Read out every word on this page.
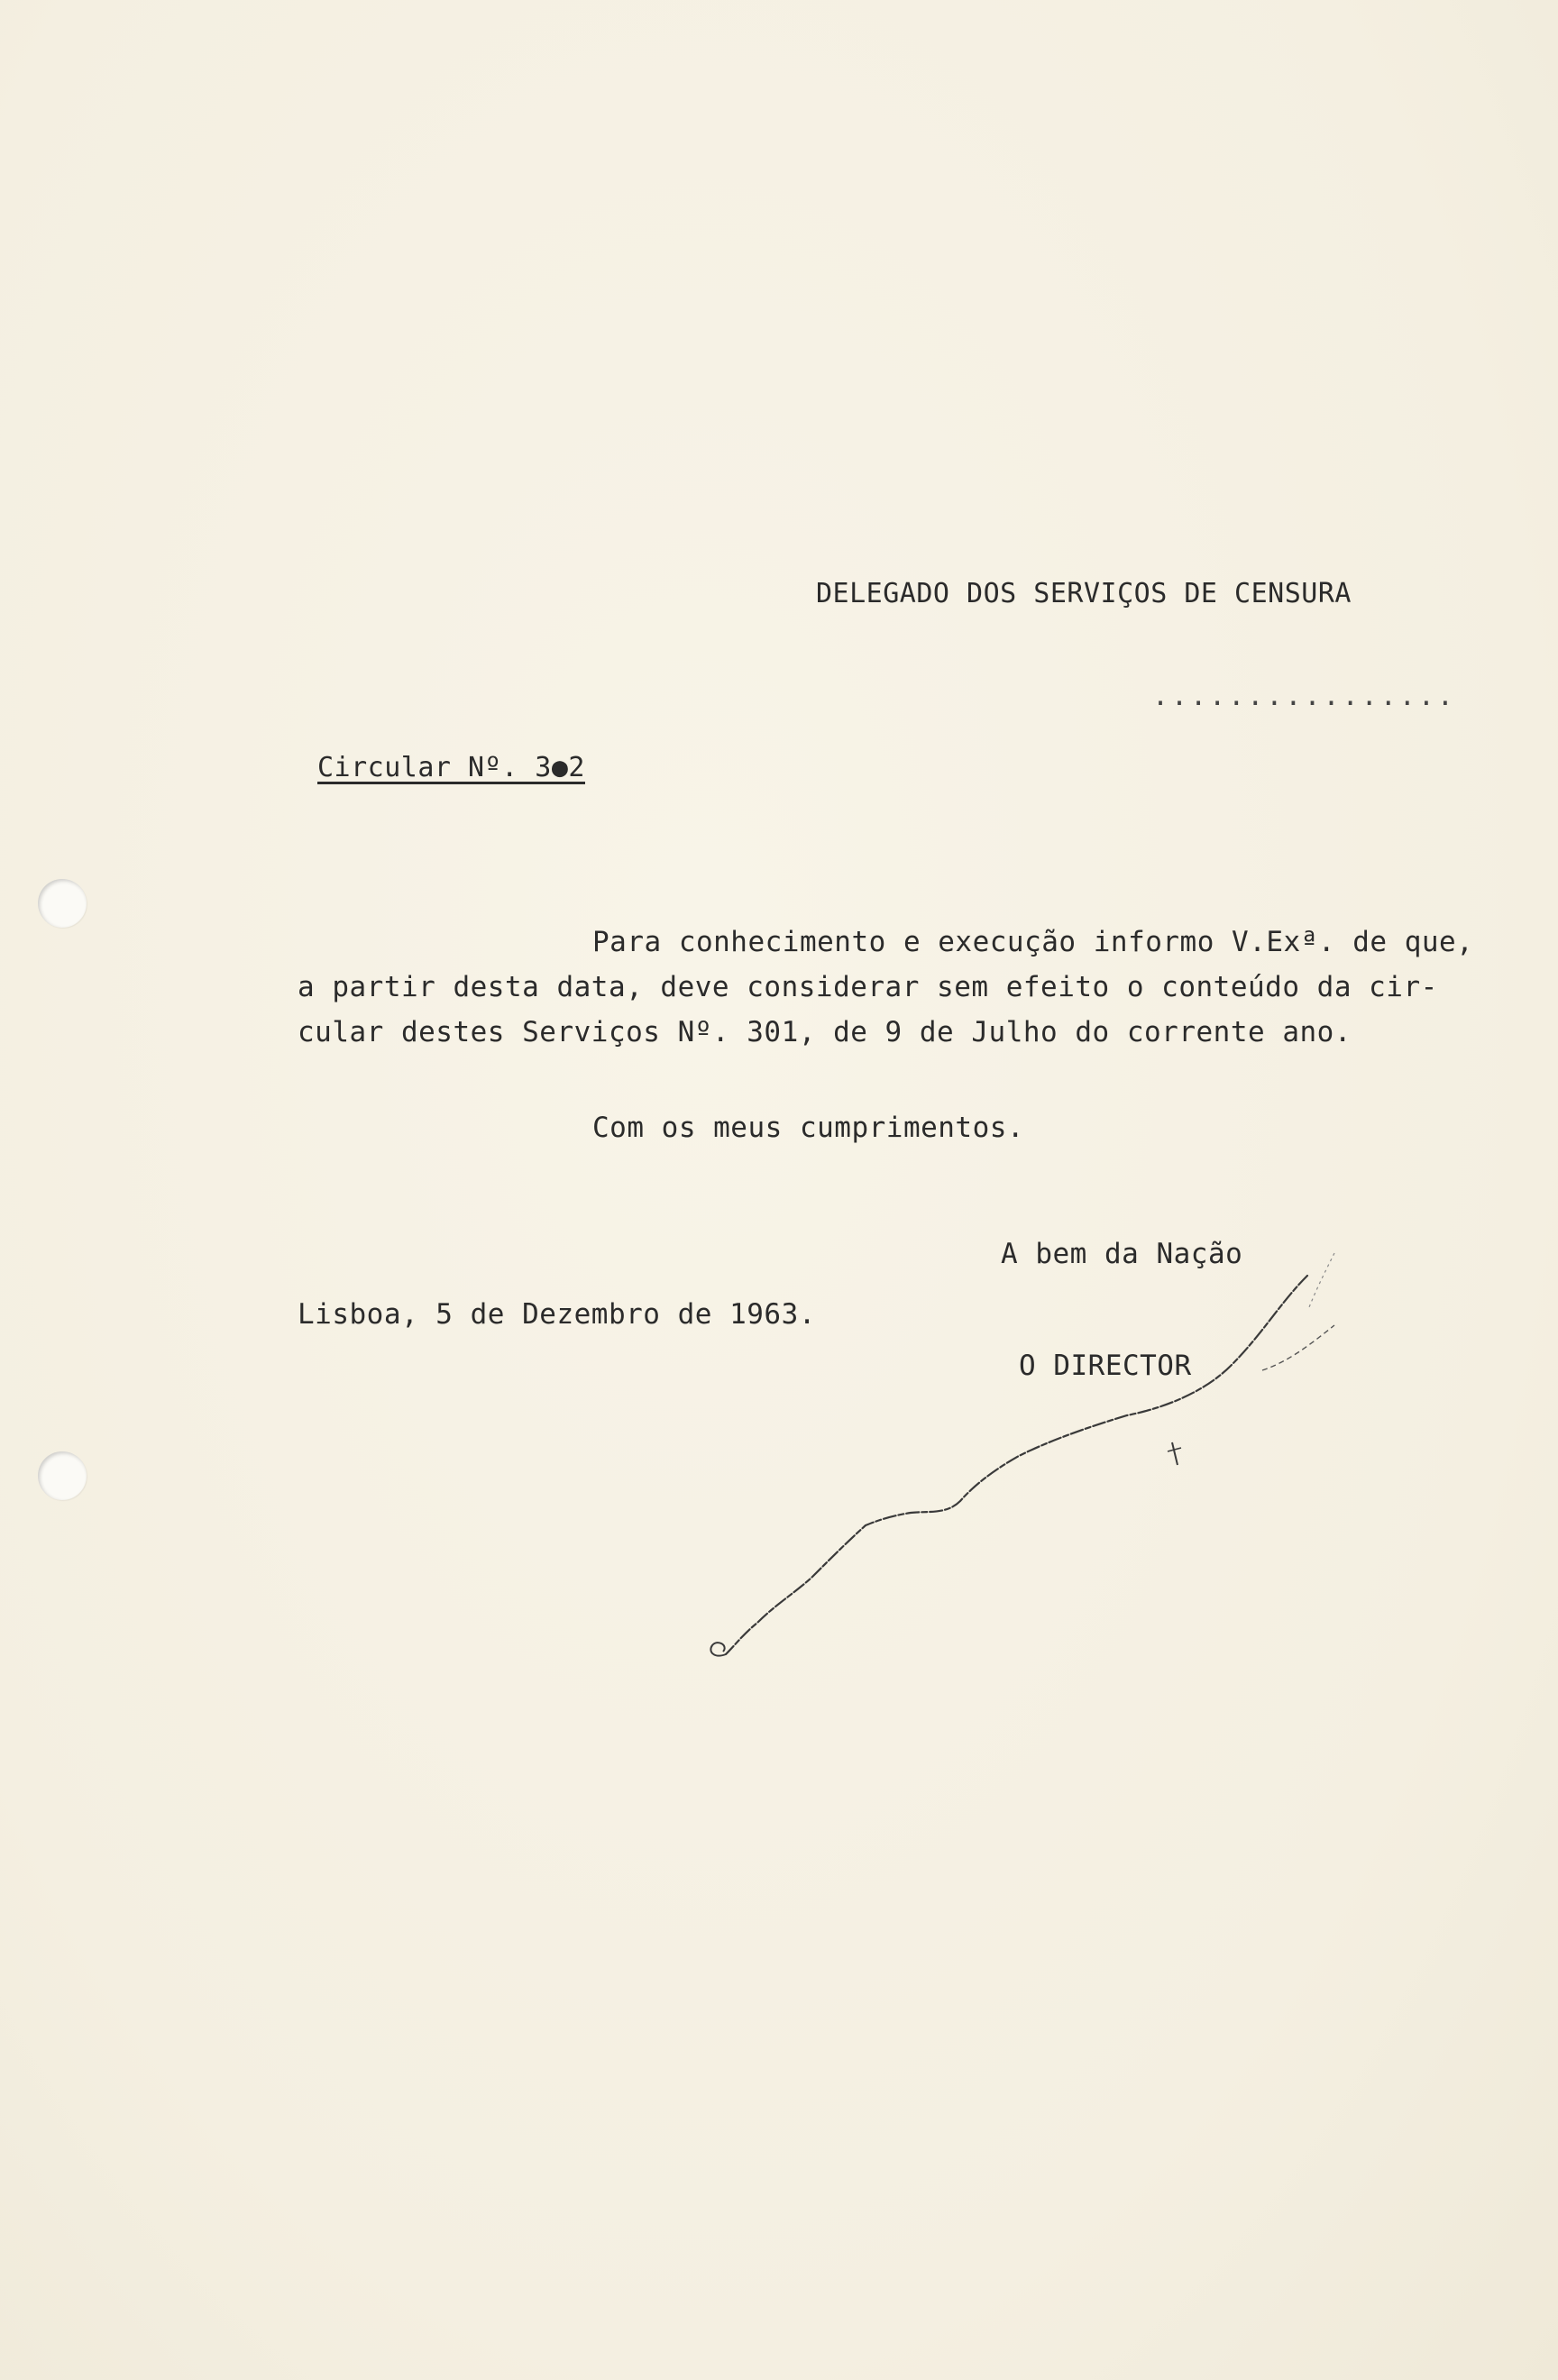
DELEGADO DOS SERVIÇOS DE CENSURA
................
Circular Nº. 3●2
Para conhecimento e execução informo V.Exª. de que,
a partir desta data, deve considerar sem efeito o conteúdo da cir-
cular destes Serviços Nº. 301, de 9 de Julho do corrente ano.
Com os meus cumprimentos.
A bem da Nação
Lisboa, 5 de Dezembro de 1963.
O DIRECTOR
